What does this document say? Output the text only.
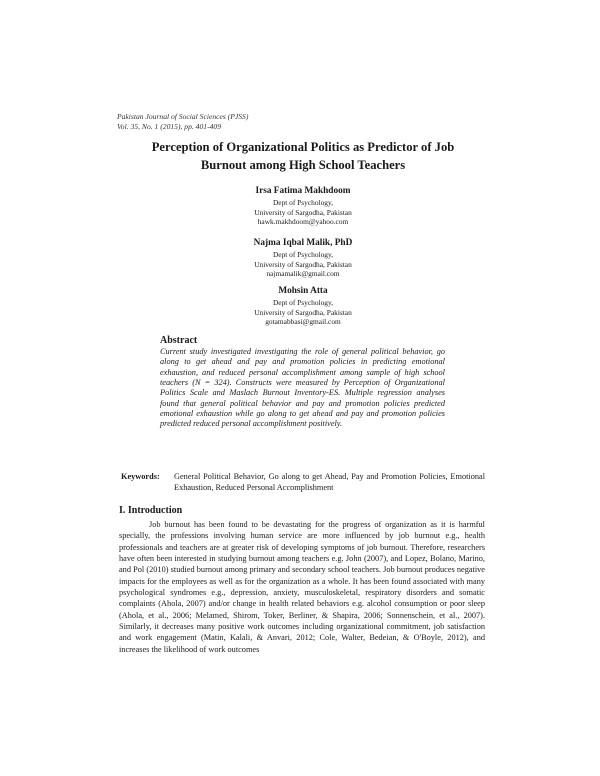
Pakistan Journal of Social Sciences (PJSS)
Vol. 35, No. 1 (2015), pp. 401-409
Perception of Organizational Politics as Predictor of Job
Burnout among High School Teachers
Irsa Fatima Makhdoom
Dept of Psychology,
University of Sargodha, Pakistan
hawk.makhdoom@yahoo.com
Najma Iqbal Malik, PhD
Dept of Psychology,
University of Sargodha, Pakistan
najmamalik@gmail.com
Mohsin Atta
Dept of Psychology,
University of Sargodha, Pakistan
gotamabbasi@gmail.com
Abstract

Current study investigated investigating the role of general political behavior, go along to get ahead and pay and promotion policies in predicting emotional exhaustion, and reduced personal accomplishment among sample of high school teachers (N = 324). Constructs were measured by Perception of Organizational Politics Scale and Maslach Burnout Inventory-ES. Multiple regression analyses found that general political behavior and pay and promotion policies predicted emotional exhaustion while go along to get ahead and pay and promotion policies predicted reduced personal accomplishment positively.

Keywords: General Political Behavior, Go along to get Ahead, Pay and Promotion Policies, Emotional Exhaustion, Reduced Personal Accomplishment
I. Introduction

Job burnout has been found to be devastating for the progress of organization as it is harmful specially, the professions involving human service are more influenced by job burnout e.g., health professionals and teachers are at greater risk of developing symptoms of job burnout. Therefore, researchers have often been interested in studying burnout among teachers e.g. John (2007), and Lopez, Bolano, Marino, and Pol (2010) studied burnout among primary and secondary school teachers. Job burnout produces negative impacts for the employees as well as for the organization as a whole. It has been found associated with many psychological syndromes e.g., depression, anxiety, musculoskeletal, respiratory disorders and somatic complaints (Ahola, 2007) and/or change in health related behaviors e.g. alcohol consumption or poor sleep (Ahola, et al., 2006; Melamed, Shirom, Toker, Berliner, & Shapira, 2006; Sonnenschein, et al., 2007). Similarly, it decreases many positive work outcomes including organizational commitment, job satisfaction and work engagement (Matin, Kalali, & Anvari, 2012; Cole, Walter, Bedeian, & O'Boyle, 2012), and increases the likelihood of work outcomes
